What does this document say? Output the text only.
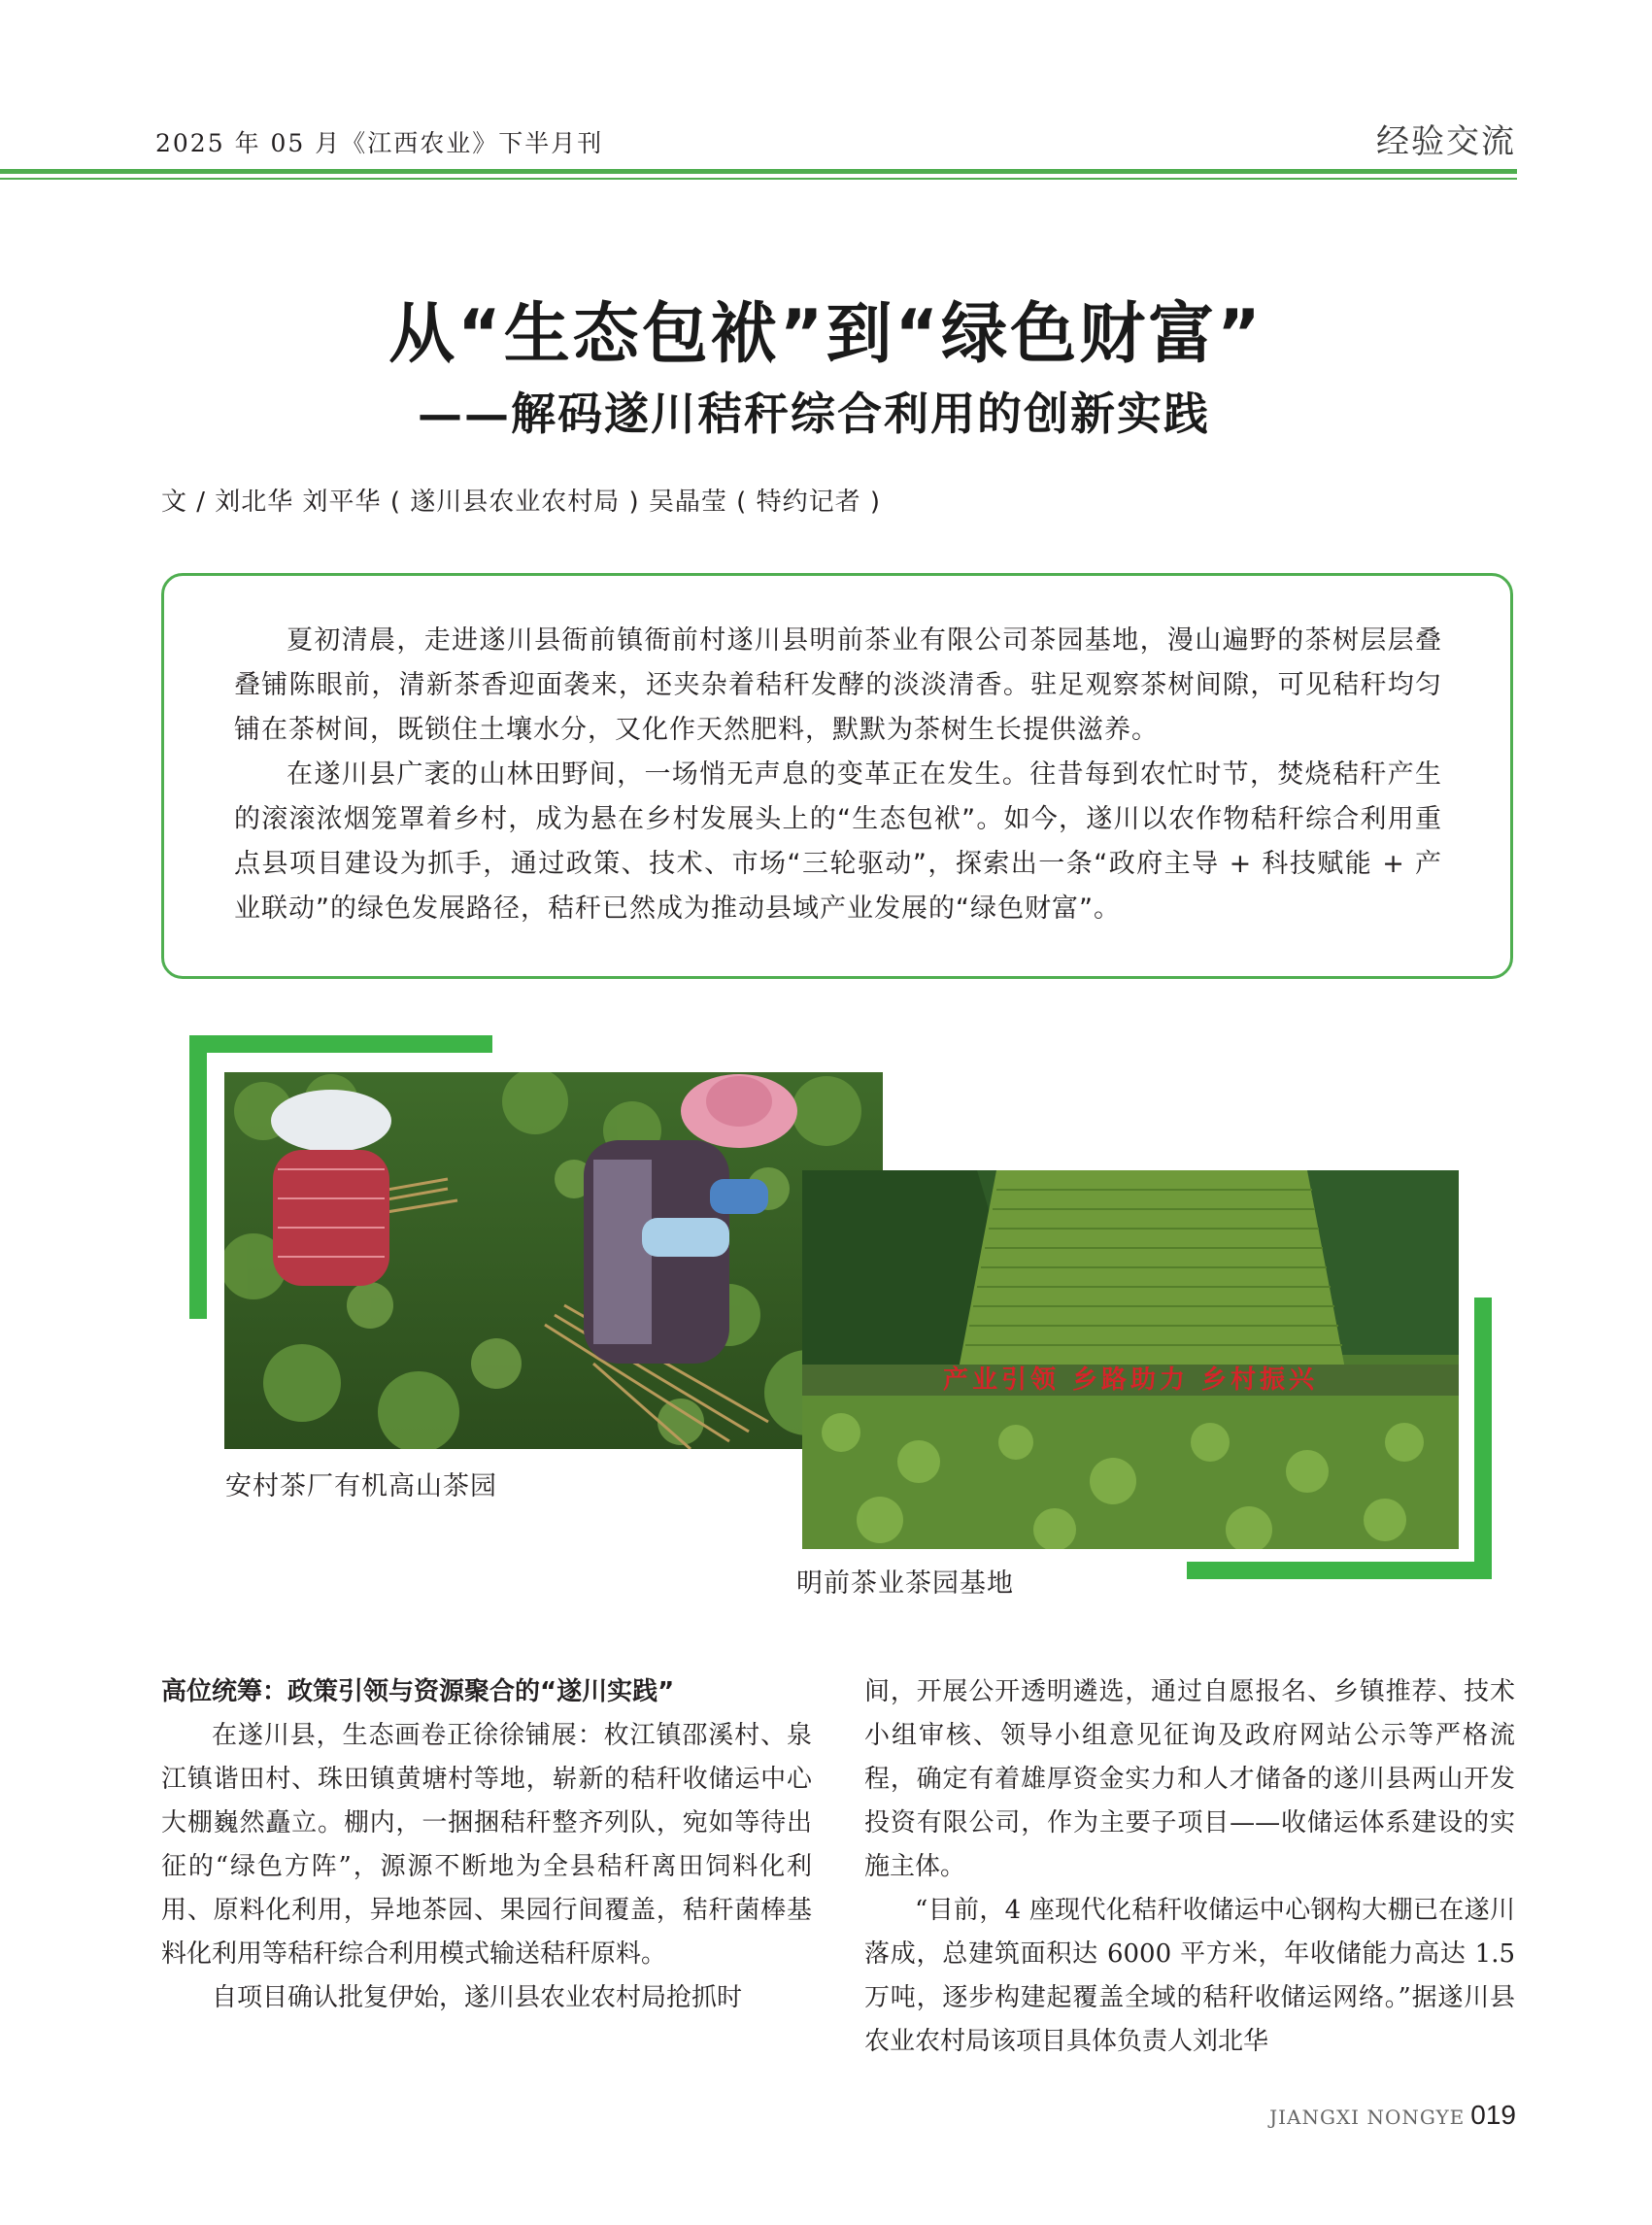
2025 年 05 月《江西农业》下半月刊	经验交流
从“生态包袱”到“绿色财富”
——解码遂川秸秆综合利用的创新实践
文 / 刘北华 刘平华 ( 遂川县农业农村局 ) 吴晶莹 ( 特约记者 )

夏初清晨，走进遂川县衙前镇衙前村遂川县明前茶业有限公司茶园基地，漫山遍野的茶树层层叠叠铺陈眼前，清新茶香迎面袭来，还夹杂着秸秆发酵的淡淡清香。驻足观察茶树间隙，可见秸秆均匀铺在茶树间，既锁住土壤水分，又化作天然肥料，默默为茶树生长提供滋养。

在遂川县广袤的山林田野间，一场悄无声息的变革正在发生。往昔每到农忙时节，焚烧秸秆产生的滚滚浓烟笼罩着乡村，成为悬在乡村发展头上的“生态包袱”。如今，遂川以农作物秸秆综合利用重点县项目建设为抓手，通过政策、技术、市场“三轮驱动”，探索出一条“政府主导 + 科技赋能 + 产业联动”的绿色发展路径，秸秆已然成为推动县域产业发展的“绿色财富”。

安村茶厂有机高山茶园
产业引领 乡路助力 乡村振兴
明前茶业茶园基地

高位统筹：政策引领与资源聚合的“遂川实践”

在遂川县，生态画卷正徐徐铺展：枚江镇邵溪村、泉江镇谐田村、珠田镇黄塘村等地，崭新的秸秆收储运中心大棚巍然矗立。棚内，一捆捆秸秆整齐列队，宛如等待出征的“绿色方阵”，源源不断地为全县秸秆离田饲料化利用、原料化利用，异地茶园、果园行间覆盖，秸秆菌棒基料化利用等秸秆综合利用模式输送秸秆原料。

自项目确认批复伊始，遂川县农业农村局抢抓时

间，开展公开透明遴选，通过自愿报名、乡镇推荐、技术小组审核、领导小组意见征询及政府网站公示等严格流程，确定有着雄厚资金实力和人才储备的遂川县两山开发投资有限公司，作为主要子项目——收储运体系建设的实施主体。

“目前，4 座现代化秸秆收储运中心钢构大棚已在遂川落成，总建筑面积达 6000 平方米，年收储能力高达 1.5 万吨，逐步构建起覆盖全域的秸秆收储运网络。”据遂川县农业农村局该项目具体负责人刘北华

JIANGXI NONGYE 019
